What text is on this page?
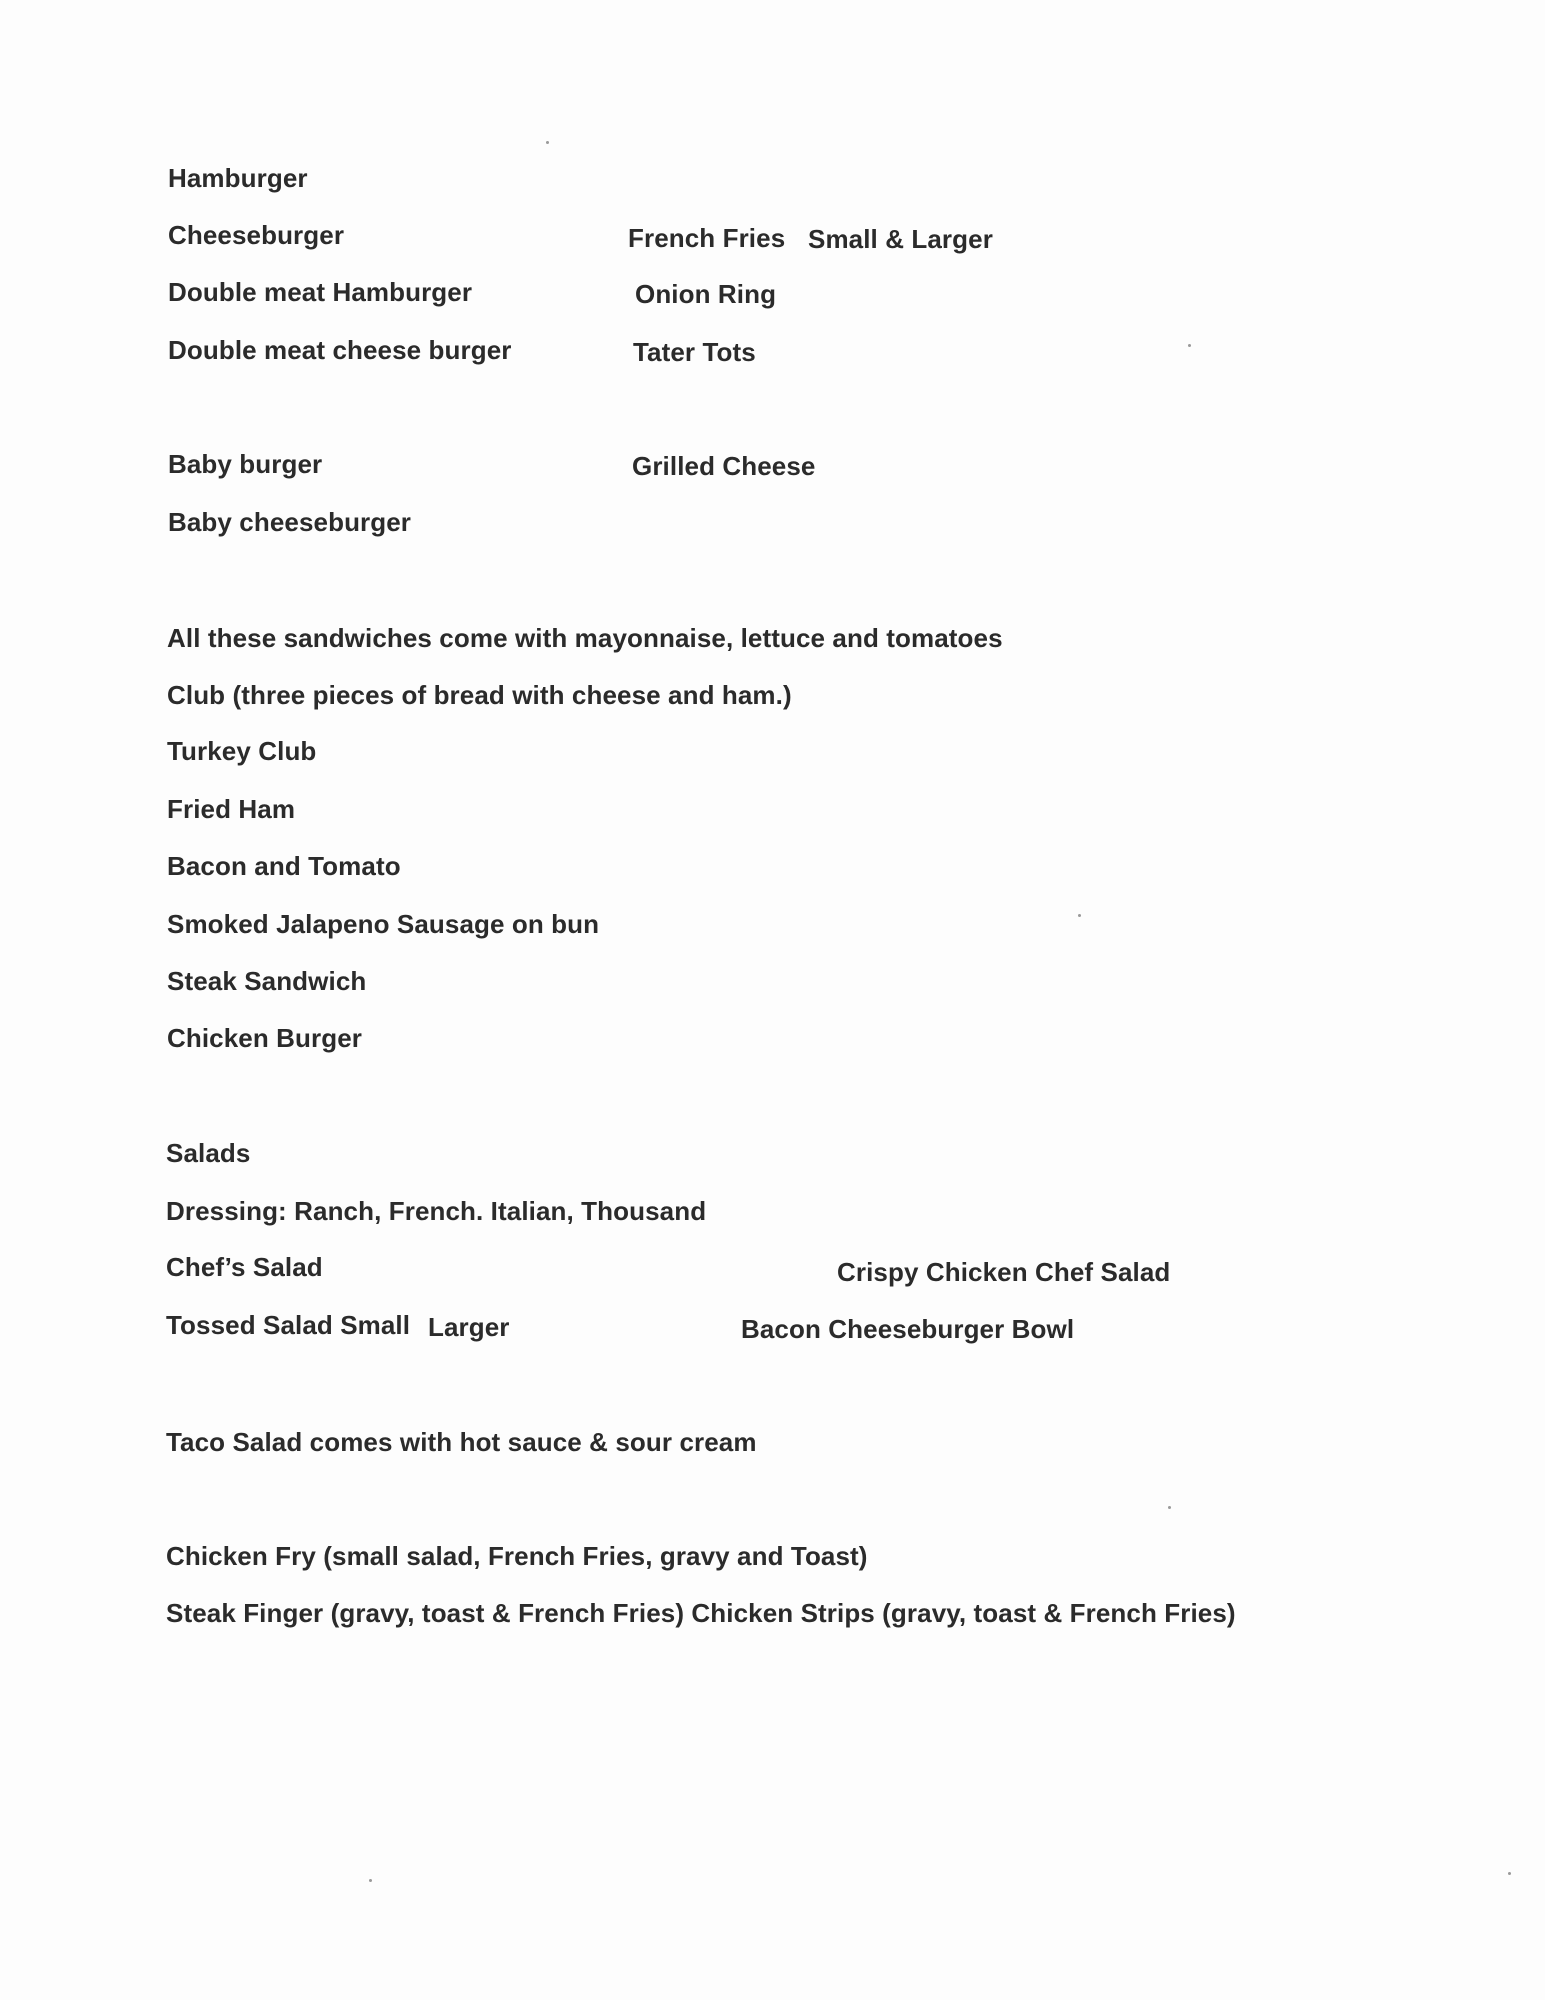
Hamburger
Cheeseburger
Double meat Hamburger
Double meat cheese burger
French Fries Small & Larger
Onion Ring
Tater Tots
Baby burger	Grilled Cheese
Baby cheeseburger
All these sandwiches come with mayonnaise, lettuce and tomatoes
Club (three pieces of bread with cheese and ham.)
Turkey Club
Fried Ham
Bacon and Tomato
Smoked Jalapeno Sausage on bun
Steak Sandwich
Chicken Burger
Salads
Dressing: Ranch, French. Italian, Thousand
Chef’s Salad	Crispy Chicken Chef Salad
Tossed Salad Small Larger	Bacon Cheeseburger Bowl
Taco Salad comes with hot sauce & sour cream
Chicken Fry (small salad, French Fries, gravy and Toast)
Steak Finger (gravy, toast & French Fries) Chicken Strips (gravy, toast & French Fries)
